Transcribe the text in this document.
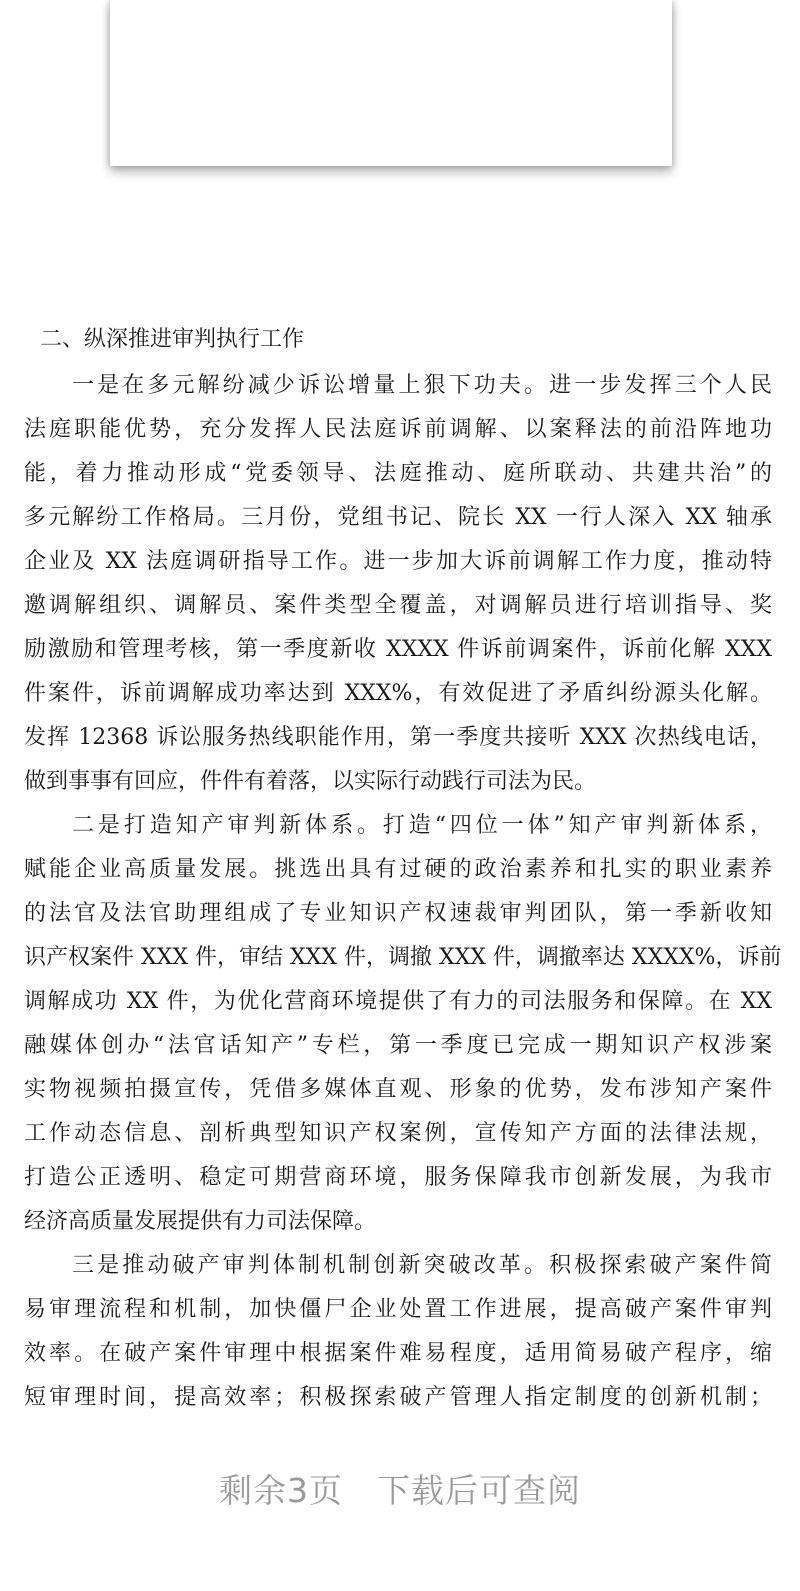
二、纵深推进审判执行工作
一是在多元解纷减少诉讼增量上狠下功夫。进一步发挥三个人民
法庭职能优势，充分发挥人民法庭诉前调解、以案释法的前沿阵地功
能，着力推动形成“党委领导、法庭推动、庭所联动、共建共治”的
多元解纷工作格局。三月份，党组书记、院长 XX 一行人深入 XX 轴承
企业及 XX 法庭调研指导工作。进一步加大诉前调解工作力度，推动特
邀调解组织、调解员、案件类型全覆盖，对调解员进行培训指导、奖
励激励和管理考核，第一季度新收 XXXX 件诉前调案件，诉前化解 XXX
件案件，诉前调解成功率达到 XXX%，有效促进了矛盾纠纷源头化解。
发挥 12368 诉讼服务热线职能作用，第一季度共接听 XXX 次热线电话，
做到事事有回应，件件有着落，以实际行动践行司法为民。
二是打造知产审判新体系。打造“四位一体”知产审判新体系，
赋能企业高质量发展。挑选出具有过硬的政治素养和扎实的职业素养
的法官及法官助理组成了专业知识产权速裁审判团队，第一季新收知
识产权案件 XXX 件，审结 XXX 件，调撤 XXX 件，调撤率达 XXXX%，诉前
调解成功 XX 件，为优化营商环境提供了有力的司法服务和保障。在 XX
融媒体创办“法官话知产”专栏，第一季度已完成一期知识产权涉案
实物视频拍摄宣传，凭借多媒体直观、形象的优势，发布涉知产案件
工作动态信息、剖析典型知识产权案例，宣传知产方面的法律法规，
打造公正透明、稳定可期营商环境，服务保障我市创新发展，为我市
经济高质量发展提供有力司法保障。
三是推动破产审判体制机制创新突破改革。积极探索破产案件简
易审理流程和机制，加快僵尸企业处置工作进展，提高破产案件审判
效率。在破产案件审理中根据案件难易程度，适用简易破产程序，缩
短审理时间，提高效率；积极探索破产管理人指定制度的创新机制；
剩余3页 下载后可查阅
